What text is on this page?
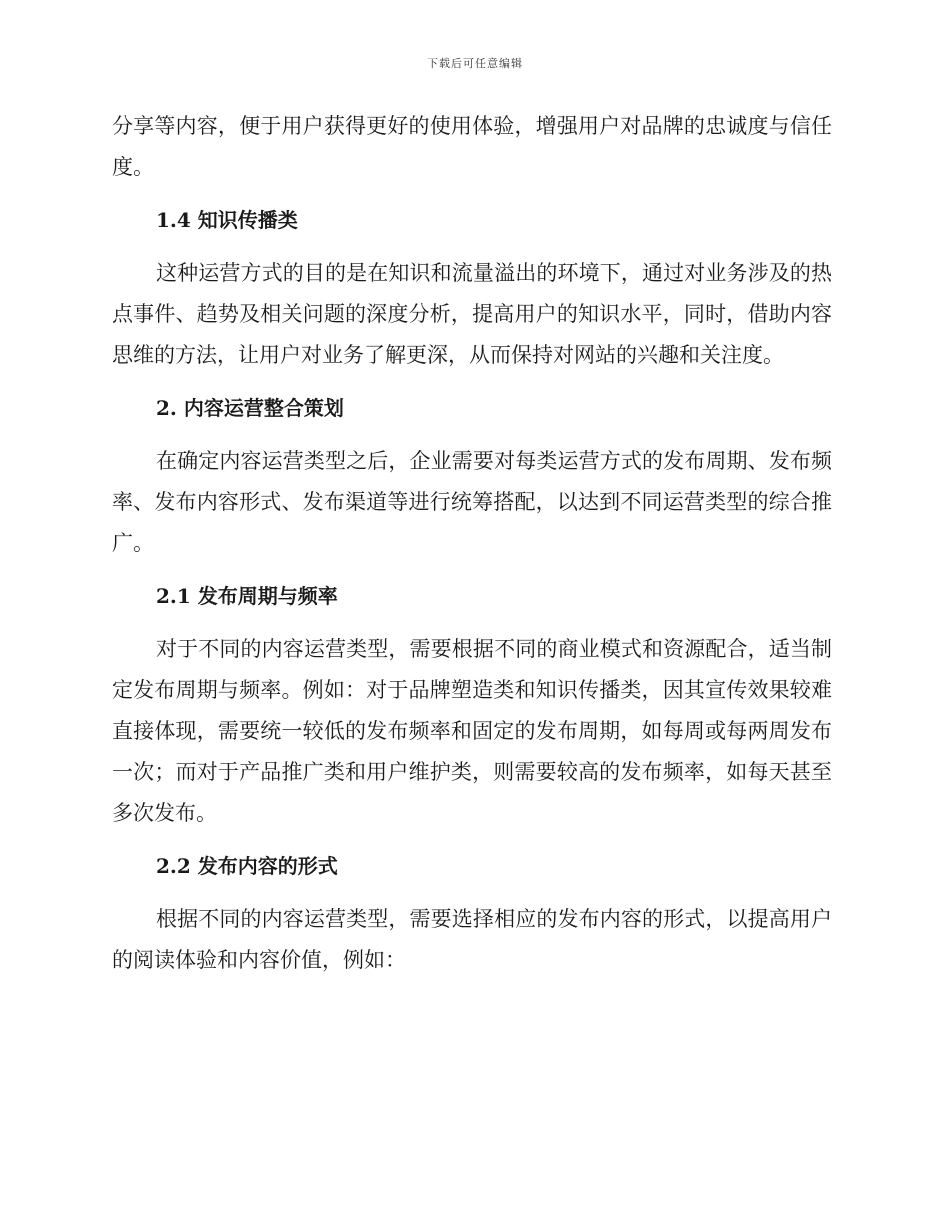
下载后可任意编辑

分享等内容，便于用户获得更好的使用体验，增强用户对品牌的忠诚度与信任度。

1.4 知识传播类

这种运营方式的目的是在知识和流量溢出的环境下，通过对业务涉及的热点事件、趋势及相关问题的深度分析，提高用户的知识水平，同时，借助内容思维的方法，让用户对业务了解更深，从而保持对网站的兴趣和关注度。

2. 内容运营整合策划

在确定内容运营类型之后，企业需要对每类运营方式的发布周期、发布频率、发布内容形式、发布渠道等进行统筹搭配，以达到不同运营类型的综合推广。

2.1 发布周期与频率

对于不同的内容运营类型，需要根据不同的商业模式和资源配合，适当制定发布周期与频率。例如：对于品牌塑造类和知识传播类，因其宣传效果较难直接体现，需要统一较低的发布频率和固定的发布周期，如每周或每两周发布一次；而对于产品推广类和用户维护类，则需要较高的发布频率，如每天甚至多次发布。

2.2 发布内容的形式

根据不同的内容运营类型，需要选择相应的发布内容的形式，以提高用户的阅读体验和内容价值，例如：
